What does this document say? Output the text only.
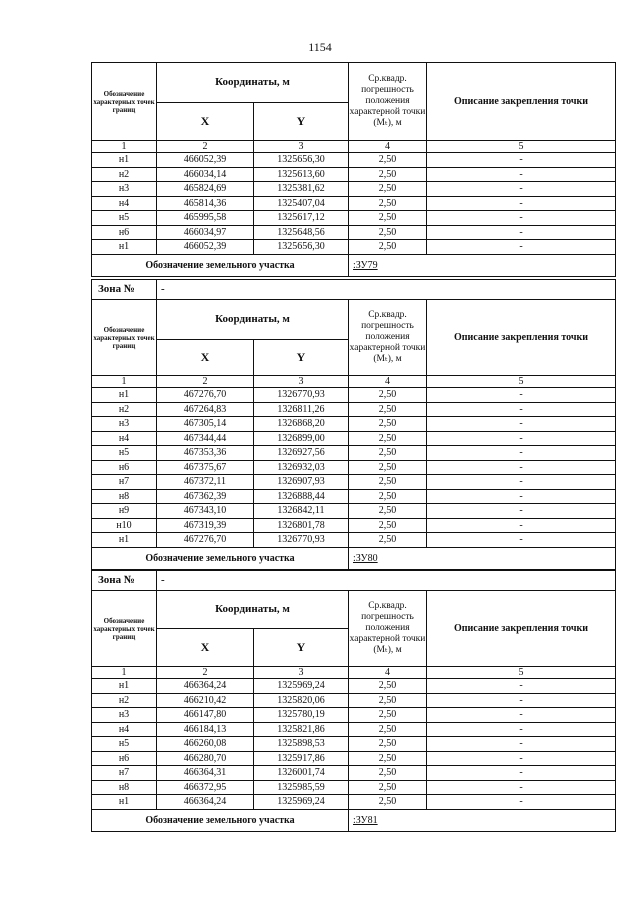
1154
Обозначение характерных точек границ	Координаты, м		Ср.квадр. погрешность положения характерной точки (Mₜ), м	Описание закрепления точки
	X	Y		
1	2	3	4	5
н1	466052,39	1325656,30	2,50	-
н2	466034,14	1325613,60	2,50	-
н3	465824,69	1325381,62	2,50	-
н4	465814,36	1325407,04	2,50	-
н5	465995,58	1325617,12	2,50	-
н6	466034,97	1325648,56	2,50	-
н1	466052,39	1325656,30	2,50	-
Обозначение земельного участка			:ЗУ79	
Зона №	-			
Обозначение характерных точек границ	Координаты, м		Ср.квадр. погрешность положения характерной точки (Mₜ), м	Описание закрепления точки
	X	Y		
1	2	3	4	5
н1	467276,70	1326770,93	2,50	-
н2	467264,83	1326811,26	2,50	-
н3	467305,14	1326868,20	2,50	-
н4	467344,44	1326899,00	2,50	-
н5	467353,36	1326927,56	2,50	-
н6	467375,67	1326932,03	2,50	-
н7	467372,11	1326907,93	2,50	-
н8	467362,39	1326888,44	2,50	-
н9	467343,10	1326842,11	2,50	-
н10	467319,39	1326801,78	2,50	-
н1	467276,70	1326770,93	2,50	-
Обозначение земельного участка			:ЗУ80	
Зона №	-			
Обозначение характерных точек границ	Координаты, м		Ср.квадр. погрешность положения характерной точки (Mₜ), м	Описание закрепления точки
	X	Y		
1	2	3	4	5
н1	466364,24	1325969,24	2,50	-
н2	466210,42	1325820,06	2,50	-
н3	466147,80	1325780,19	2,50	-
н4	466184,13	1325821,86	2,50	-
н5	466260,08	1325898,53	2,50	-
н6	466280,70	1325917,86	2,50	-
н7	466364,31	1326001,74	2,50	-
н8	466372,95	1325985,59	2,50	-
н1	466364,24	1325969,24	2,50	-
Обозначение земельного участка			:ЗУ81	
